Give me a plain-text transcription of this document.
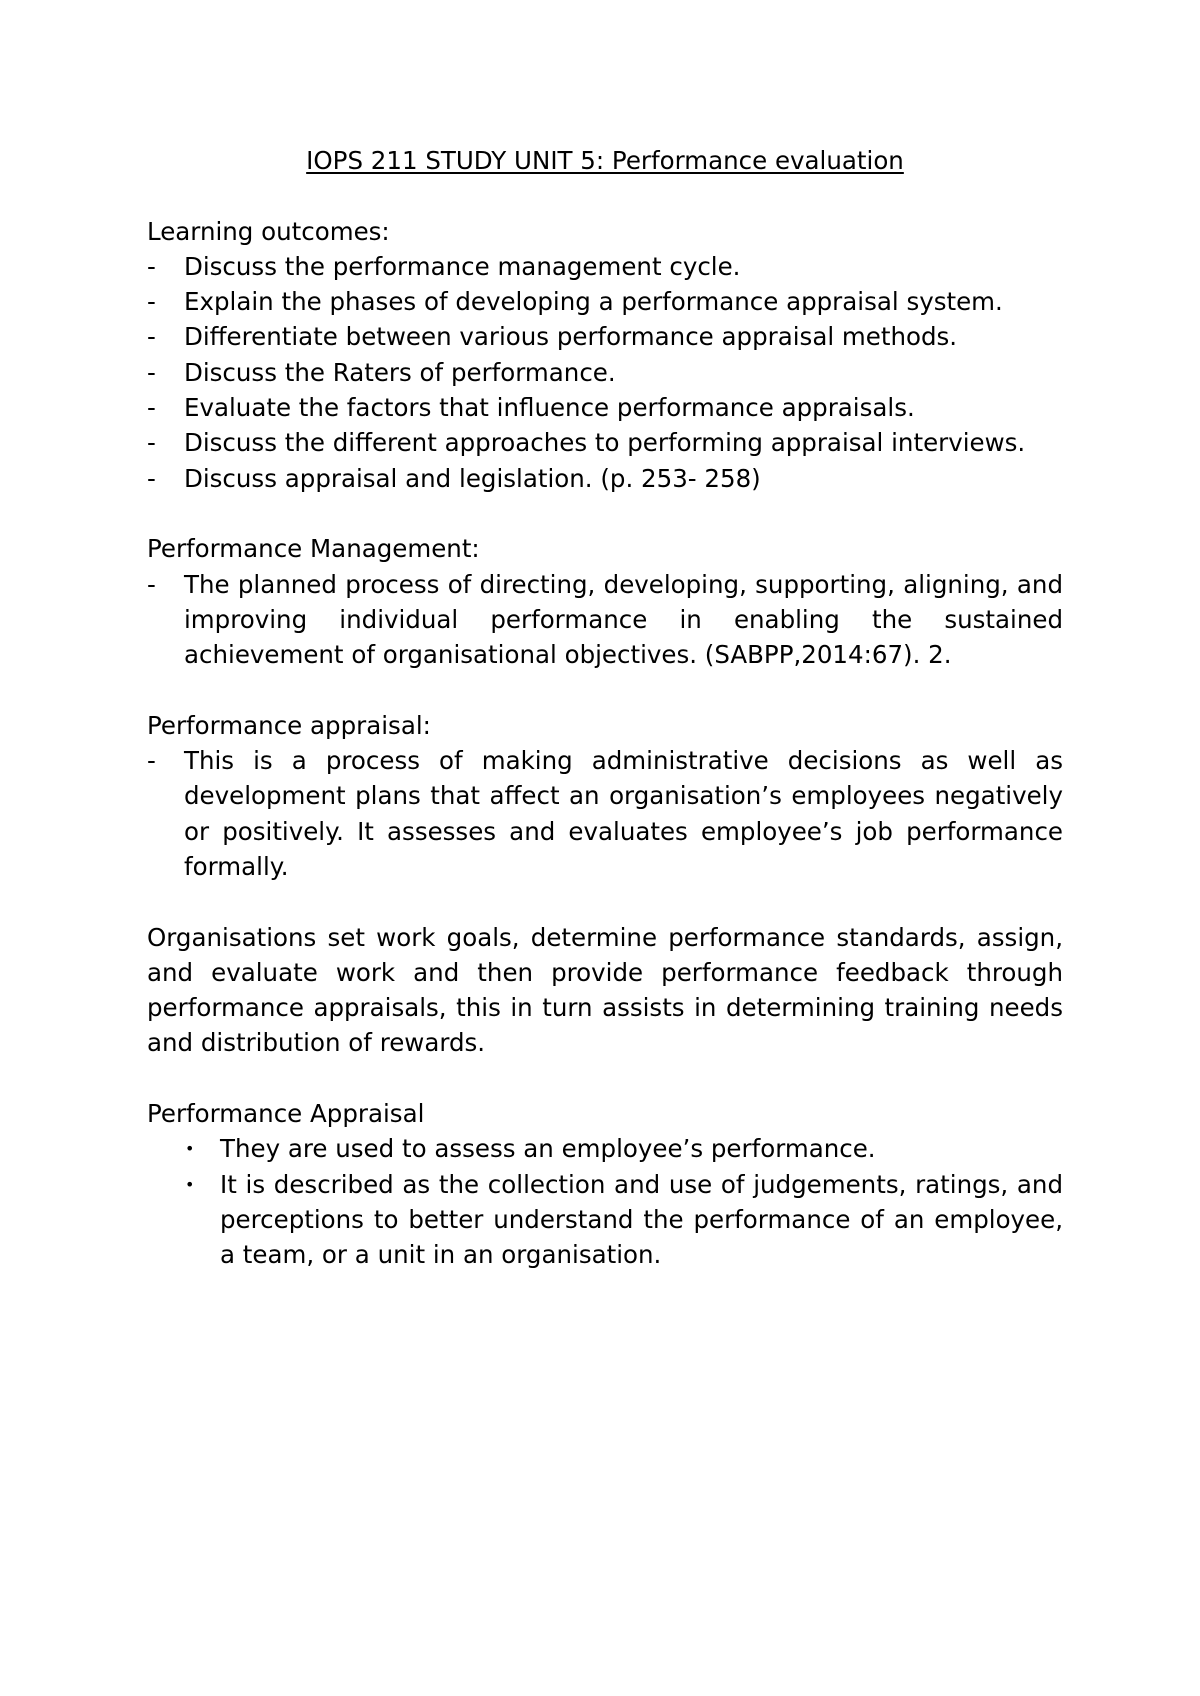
IOPS 211 STUDY UNIT 5: Performance evaluation

Learning outcomes:

- Discuss the performance management cycle.
- Explain the phases of developing a performance appraisal system.
- Differentiate between various performance appraisal methods.
- Discuss the Raters of performance.
- Evaluate the factors that influence performance appraisals.
- Discuss the different approaches to performing appraisal interviews.
- Discuss appraisal and legislation. (p. 253- 258)

Performance Management:

- The planned process of directing, developing, supporting, aligning, and improving individual performance in enabling the sustained achievement of organisational objectives. (SABPP,2014:67). 2.

Performance appraisal:

- This is a process of making administrative decisions as well as development plans that affect an organisation’s employees negatively or positively. It assesses and evaluates employee’s job performance formally.

Organisations set work goals, determine performance standards, assign, and evaluate work and then provide performance feedback through performance appraisals, this in turn assists in determining training needs and distribution of rewards.

Performance Appraisal

• They are used to assess an employee’s performance.
• It is described as the collection and use of judgements, ratings, and perceptions to better understand the performance of an employee, a team, or a unit in an organisation.
